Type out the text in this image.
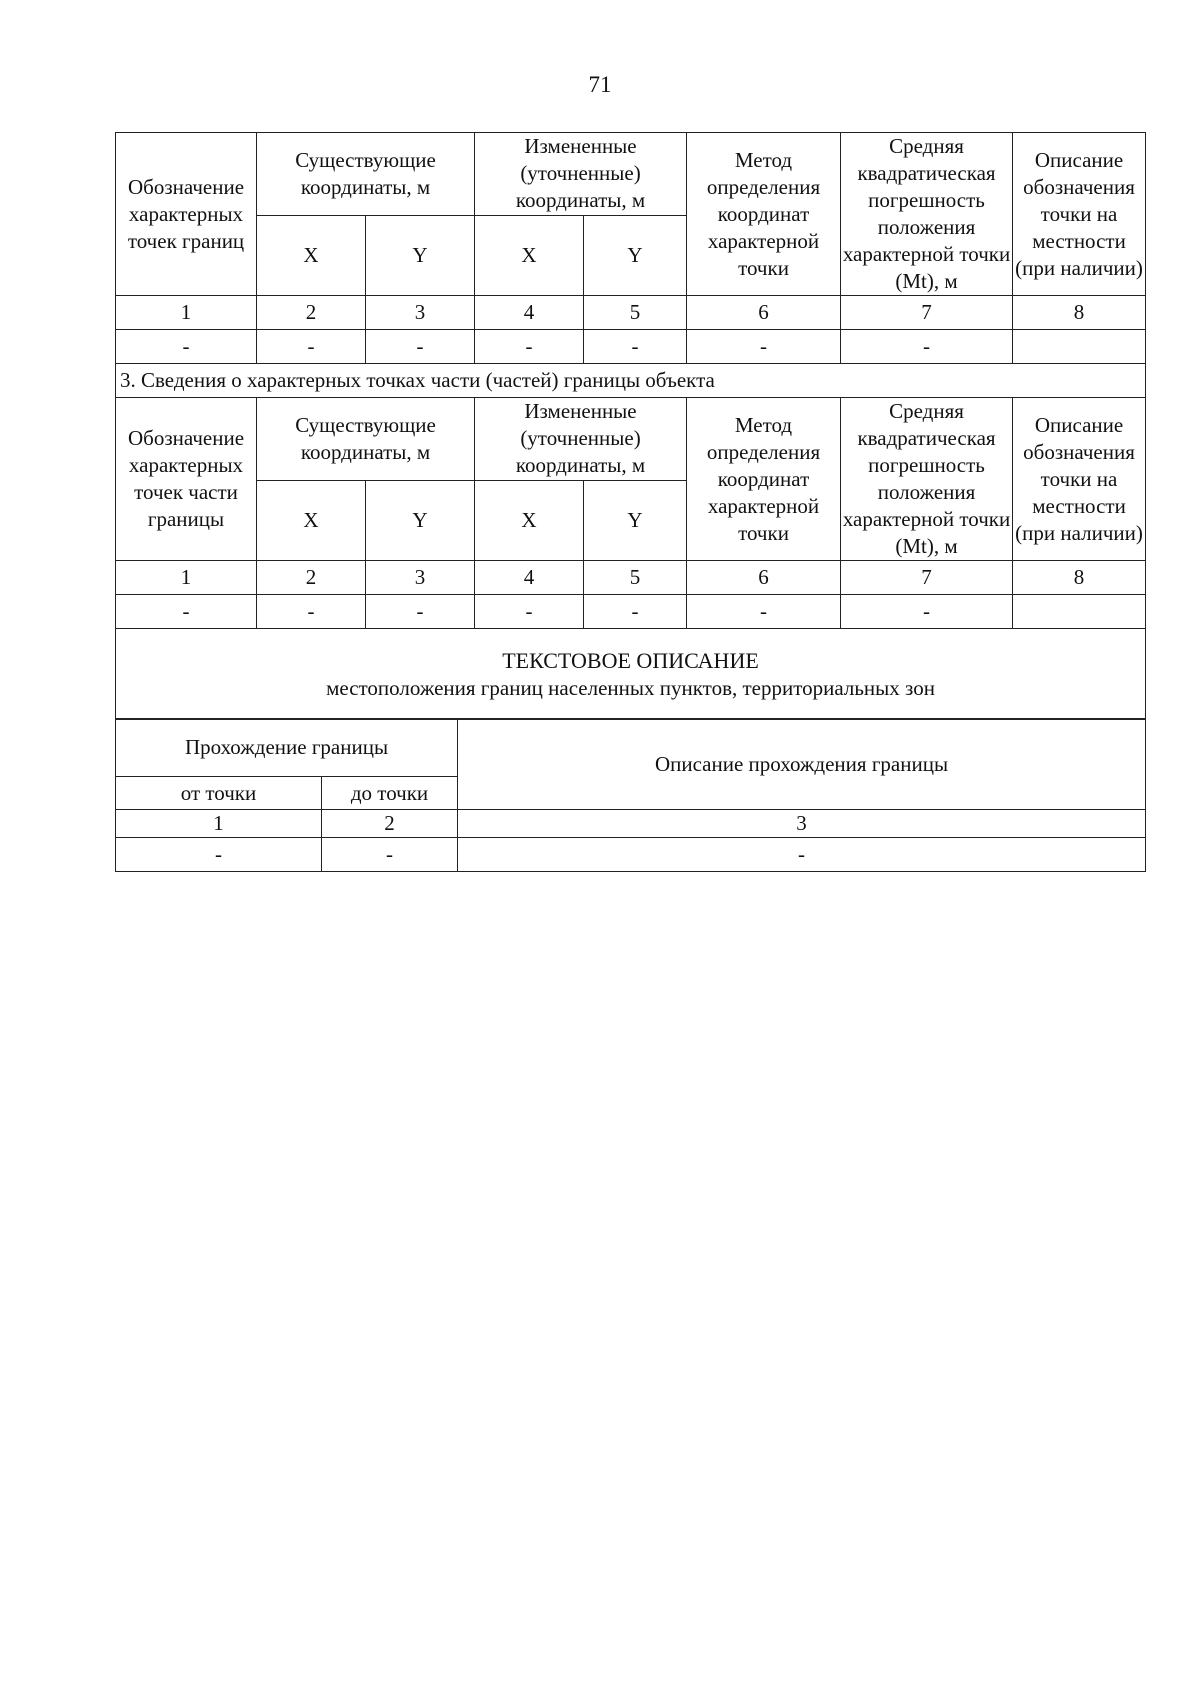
71
Обозначение характерных точек границ	Существующие координаты, м		Измененные (уточненные) координаты, м		Метод определения координат характерной точки	Средняя квадратическая погрешность положения характерной точки (Mt), м	Описание обозначения точки на местности (при наличии)
	X	Y	X	Y			
1	2	3	4	5	6	7	8
-	-	-	-	-	-	-	
3. Сведения о характерных точках части (частей) границы объекта							
Обозначение характерных точек части границы	Существующие координаты, м		Измененные (уточненные) координаты, м		Метод определения координат характерной точки	Средняя квадратическая погрешность положения характерной точки (Mt), м	Описание обозначения точки на местности (при наличии)
	X	Y	X	Y			
1	2	3	4	5	6	7	8
-	-	-	-	-	-	-	

ТЕКСТОВОЕ ОПИСАНИЕ
местоположения границ населенных пунктов, территориальных зон							
Прохождение границы		Описание прохождения границы
от точки	до точки	
1	2	3
-	-	-
